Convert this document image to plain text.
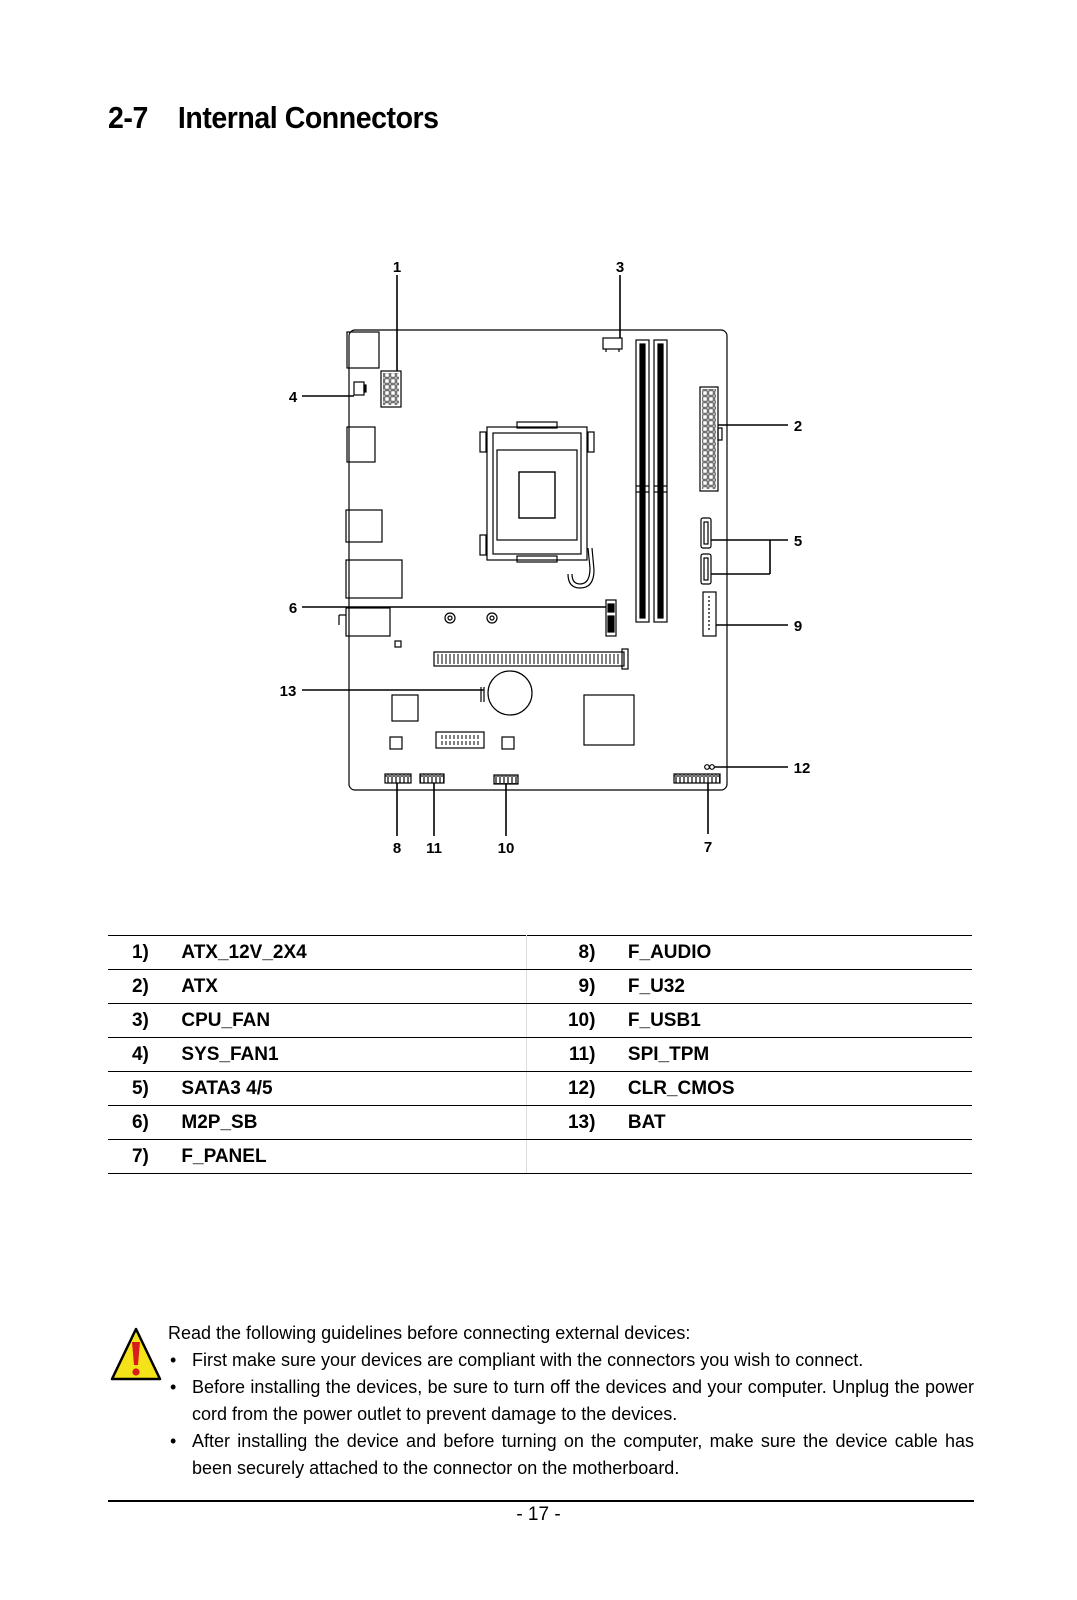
2-7 Internal Connectors
1
2
3
4
5
6
7
8
9
10
11
12
13
1)		ATX_12V_2X4	8)		F_AUDIO
2)		ATX	9)		F_U32
3)		CPU_FAN	10)		F_USB1
4)		SYS_FAN1	11)		SPI_TPM
5)		SATA3 4/5	12)		CLR_CMOS
6)		M2P_SB	13)		BAT
7)		F_PANEL			

Read the following guidelines before connecting external devices:

• First make sure your devices are compliant with the connectors you wish to connect.
• Before installing the devices, be sure to turn off the devices and your computer. Unplug the power cord from the power outlet to prevent damage to the devices.
• After installing the device and before turning on the computer, make sure the device cable has been securely attached to the connector on the motherboard.
- 17 -
